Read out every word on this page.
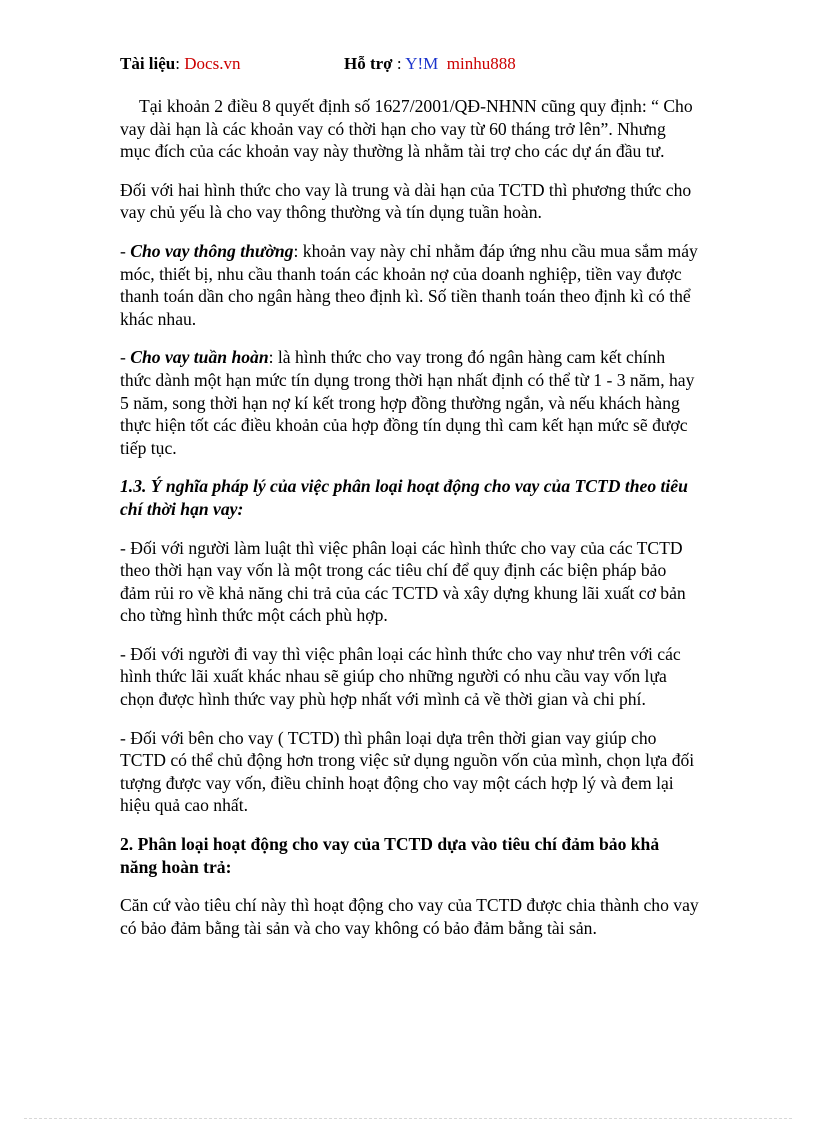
Tài liệu: Docs.vn	Hỗ trợ : Y!M minhu888

Tại khoản 2 điều 8 quyết định số 1627/2001/QĐ-NHNN cũng quy định: “ Cho vay dài hạn là các khoản vay có thời hạn cho vay từ 60 tháng trở lên”. Nhưng mục đích của các khoản vay này thường là nhằm tài trợ cho các dự án đầu tư.

Đối với hai hình thức cho vay là trung và dài hạn của TCTD thì phương thức cho vay chủ yếu là cho vay thông thường và tín dụng tuần hoàn.

- Cho vay thông thường: khoản vay này chỉ nhằm đáp ứng nhu cầu mua sắm máy móc, thiết bị, nhu cầu thanh toán các khoản nợ của doanh nghiệp, tiền vay được thanh toán dần cho ngân hàng theo định kì. Số tiền thanh toán theo định kì có thể khác nhau.

- Cho vay tuần hoàn: là hình thức cho vay trong đó ngân hàng cam kết chính thức dành một hạn mức tín dụng trong thời hạn nhất định có thể từ 1 - 3 năm, hay 5 năm, song thời hạn nợ kí kết trong hợp đồng thường ngắn, và nếu khách hàng thực hiện tốt các điều khoản của hợp đồng tín dụng thì cam kết hạn mức sẽ được tiếp tục.

1.3. Ý nghĩa pháp lý của việc phân loại hoạt động cho vay của TCTD theo tiêu chí thời hạn vay:

- Đối với người làm luật thì việc phân loại các hình thức cho vay của các TCTD theo thời hạn vay vốn là một trong các tiêu chí để quy định các biện pháp bảo đảm rủi ro về khả năng chi trả của các TCTD và xây dựng khung lãi xuất cơ bản cho từng hình thức một cách phù hợp.

- Đối với người đi vay thì việc phân loại các hình thức cho vay như trên với các hình thức lãi xuất khác nhau sẽ giúp cho những người có nhu cầu vay vốn lựa chọn được hình thức vay phù hợp nhất với mình cả về thời gian và chi phí.

- Đối với bên cho vay ( TCTD) thì phân loại dựa trên thời gian vay giúp cho TCTD có thể chủ động hơn trong việc sử dụng nguồn vốn của mình, chọn lựa đối tượng được vay vốn, điều chỉnh hoạt động cho vay một cách hợp lý và đem lại hiệu quả cao nhất.

2. Phân loại hoạt động cho vay của TCTD dựa vào tiêu chí đảm bảo khả năng hoàn trả:

Căn cứ vào tiêu chí này thì hoạt động cho vay của TCTD được chia thành cho vay có bảo đảm bằng tài sản và cho vay không có bảo đảm bằng tài sản.
